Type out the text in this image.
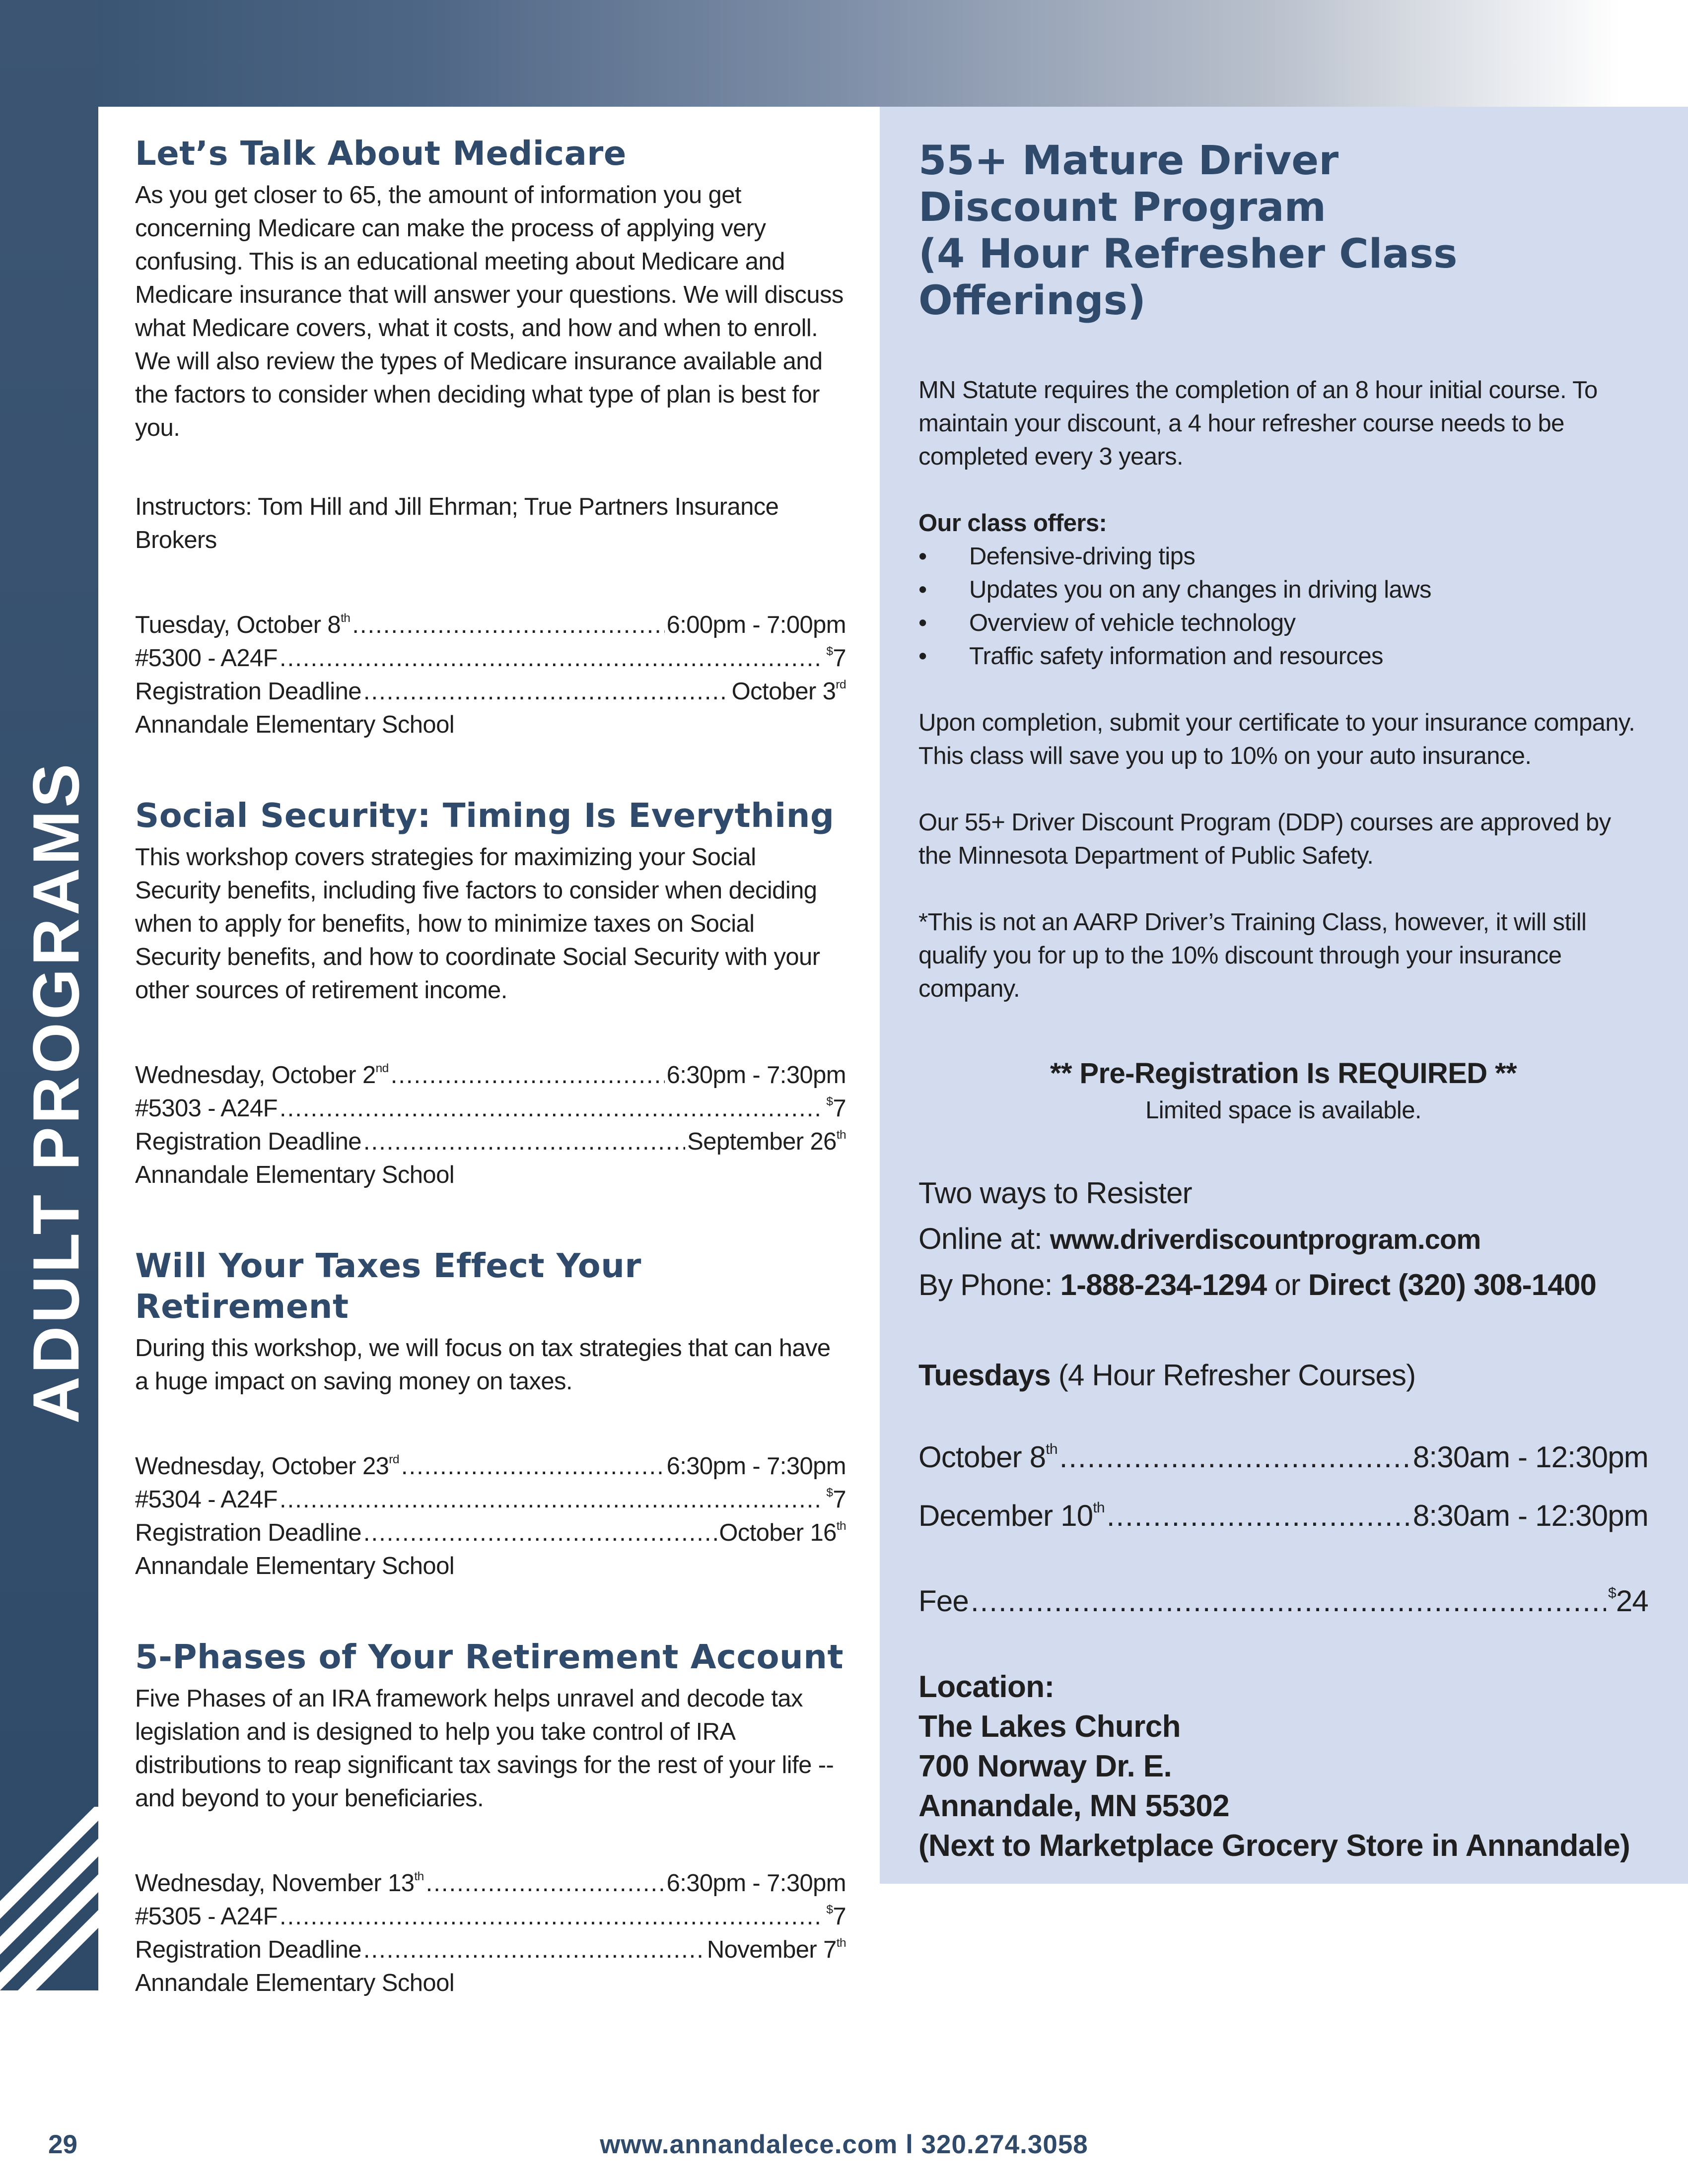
ADULT PROGRAMS
Let’s Talk About Medicare

As you get closer to 65, the amount of information you get concerning Medicare can make the process of applying very confusing. This is an educational meeting about Medicare and Medicare insurance that will answer your questions. We will discuss what Medicare covers, what it costs, and how and when to enroll. We will also review the types of Medicare insurance available and the factors to consider when deciding what type of plan is best for you.

Instructors: Tom Hill and Jill Ehrman; True Partners Insurance Brokers

Tuesday, October 8th .....	6:00pm - 7:00pm
#5300 - A24F .....	$7
Registration Deadline .....	October 3rd
Annandale Elementary School
Social Security: Timing Is Everything

This workshop covers strategies for maximizing your Social Security benefits, including five factors to consider when deciding when to apply for benefits, how to minimize taxes on Social Security benefits, and how to coordinate Social Security with your other sources of retirement income.

Wednesday, October 2nd .....	6:30pm - 7:30pm
#5303 - A24F .....	$7
Registration Deadline .....	September 26th
Annandale Elementary School
Will Your Taxes Effect Your Retirement

During this workshop, we will focus on tax strategies that can have a huge impact on saving money on taxes.

Wednesday, October 23rd .....	6:30pm - 7:30pm
#5304 - A24F .....	$7
Registration Deadline .....	October 16th
Annandale Elementary School
5-Phases of Your Retirement Account

Five Phases of an IRA framework helps unravel and decode tax legislation and is designed to help you take control of IRA distributions to reap significant tax savings for the rest of your life -- and beyond to your beneficiaries.

Wednesday, November 13th .....	6:30pm - 7:30pm
#5305 - A24F .....	$7
Registration Deadline .....	November 7th
Annandale Elementary School
55+ Mature Driver
Discount Program
(4 Hour Refresher Class Offerings)

MN Statute requires the completion of an 8 hour initial course. To maintain your discount, a 4 hour refresher course needs to be completed every 3 years.

Our class offers:
• Defensive-driving tips
• Updates you on any changes in driving laws
• Overview of vehicle technology
• Traffic safety information and resources

Upon completion, submit your certificate to your insurance company. This class will save you up to 10% on your auto insurance.

Our 55+ Driver Discount Program (DDP) courses are approved by the Minnesota Department of Public Safety.

*This is not an AARP Driver’s Training Class, however, it will still qualify you for up to the 10% discount through your insurance company.

** Pre-Registration Is REQUIRED **
Limited space is available.
Two ways to Resister
Online at: www.driverdiscountprogram.com
By Phone: 1-888-234-1294 or Direct (320) 308-1400
Tuesdays (4 Hour Refresher Courses)
October 8th .....	8:30am - 12:30pm
December 10th .....	8:30am - 12:30pm
Fee .....	$24
Location:
The Lakes Church
700 Norway Dr. E.
Annandale, MN 55302
(Next to Marketplace Grocery Store in Annandale)
www.annandalece.com l 320.274.3058
29
